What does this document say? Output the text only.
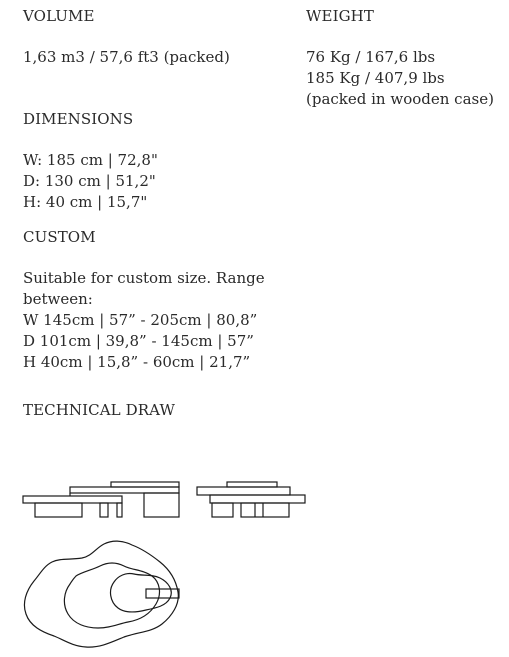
VOLUME
1,63 m3 / 57,6 ft3 (packed)
WEIGHT
76 Kg / 167,6 lbs
185 Kg / 407,9 lbs
(packed in wooden case)
DIMENSIONS
W: 185 cm | 72,8"
D: 130 cm | 51,2"
H: 40 cm | 15,7"
CUSTOM
Suitable for custom size. Range
between:
W 145cm | 57” - 205cm | 80,8”
D 101cm | 39,8” - 145cm | 57”
H 40cm | 15,8” - 60cm | 21,7”
TECHNICAL DRAW
